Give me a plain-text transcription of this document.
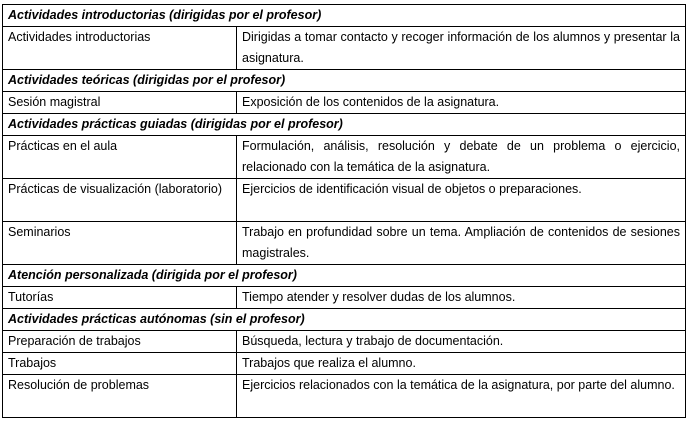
Actividades introductorias (dirigidas por el profesor)	
Actividades introductorias	Dirigidas a tomar contacto y recoger información de los alumnos y presentar la asignatura.
Actividades teóricas (dirigidas por el profesor)	
Sesión magistral	Exposición de los contenidos de la asignatura.
Actividades prácticas guiadas (dirigidas por el profesor)	
Prácticas en el aula	Formulación, análisis, resolución y debate de un problema o ejercicio, relacionado con la temática de la asignatura.
Prácticas de visualización (laboratorio)	Ejercicios de identificación visual de objetos o preparaciones.
Seminarios	Trabajo en profundidad sobre un tema. Ampliación de contenidos de sesiones magistrales.
Atención personalizada (dirigida por el profesor)	
Tutorías	Tiempo atender y resolver dudas de los alumnos.
Actividades prácticas autónomas (sin el profesor)	
Preparación de trabajos	Búsqueda, lectura y trabajo de documentación.
Trabajos	Trabajos que realiza el alumno.
Resolución de problemas	Ejercicios relacionados con la temática de la asignatura, por parte del alumno.
